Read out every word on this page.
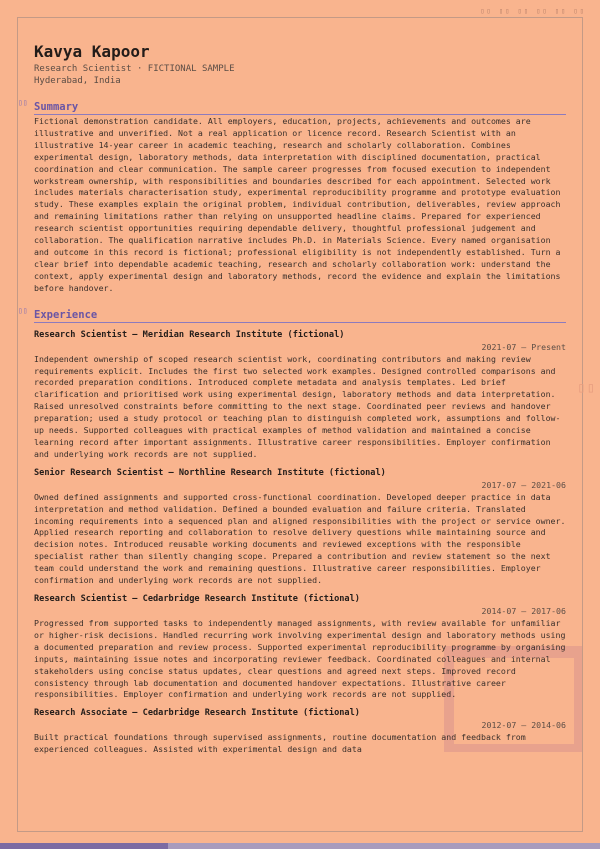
▯▯ ▯▯ ▯▯ ▯▯ ▯▯ ▯▯
▯▯
Kavya Kapoor
Research Scientist · FICTIONAL SAMPLE
Hyderabad, India
▯▯ Summary

Fictional demonstration candidate. All employers, education, projects, achievements and outcomes are illustrative and unverified. Not a real application or licence record. Research Scientist with an illustrative 14-year career in academic teaching, research and scholarly collaboration. Combines experimental design, laboratory methods, data interpretation with disciplined documentation, practical coordination and clear communication. The sample career progresses from focused execution to independent workstream ownership, with responsibilities and boundaries described for each appointment. Selected work includes materials characterisation study, experimental reproducibility programme and prototype evaluation study. These examples explain the original problem, individual contribution, deliverables, review approach and remaining limitations rather than relying on unsupported headline claims. Prepared for experienced research scientist opportunities requiring dependable delivery, thoughtful professional judgement and collaboration. The qualification narrative includes Ph.D. in Materials Science. Every named organisation and outcome in this record is fictional; professional eligibility is not independently established. Turn a clear brief into dependable academic teaching, research and scholarly collaboration work: understand the context, apply experimental design and laboratory methods, record the evidence and explain the limitations before handover.

▯▯ Experience
Research Scientist — Meridian Research Institute (fictional)
2021-07 – Present

Independent ownership of scoped research scientist work, coordinating contributors and making review requirements explicit. Includes the first two selected work examples. Designed controlled comparisons and recorded preparation conditions. Introduced complete metadata and analysis templates. Led brief clarification and prioritised work using experimental design, laboratory methods and data interpretation. Raised unresolved constraints before committing to the next stage. Coordinated peer reviews and handover preparation; used a study protocol or teaching plan to distinguish completed work, assumptions and follow-up needs. Supported colleagues with practical examples of method validation and maintained a concise learning record after important assignments. Illustrative career responsibilities. Employer confirmation and underlying work records are not supplied.

Senior Research Scientist — Northline Research Institute (fictional)
2017-07 – 2021-06

Owned defined assignments and supported cross-functional coordination. Developed deeper practice in data interpretation and method validation. Defined a bounded evaluation and failure criteria. Translated incoming requirements into a sequenced plan and aligned responsibilities with the project or service owner. Applied research reporting and collaboration to resolve delivery questions while maintaining source and decision notes. Introduced reusable working documents and reviewed exceptions with the responsible specialist rather than silently changing scope. Prepared a contribution and review statement so the next team could understand the work and remaining questions. Illustrative career responsibilities. Employer confirmation and underlying work records are not supplied.

Research Scientist — Cedarbridge Research Institute (fictional)
2014-07 – 2017-06

Progressed from supported tasks to independently managed assignments, with review available for unfamiliar or higher-risk decisions. Handled recurring work involving experimental design and laboratory methods using a documented preparation and review process. Supported experimental reproducibility programme by organising inputs, maintaining issue notes and incorporating reviewer feedback. Coordinated colleagues and internal stakeholders using concise status updates, clear questions and agreed next steps. Improved record consistency through lab documentation and documented handover expectations. Illustrative career responsibilities. Employer confirmation and underlying work records are not supplied.

Research Associate — Cedarbridge Research Institute (fictional)
2012-07 – 2014-06

Built practical foundations through supervised assignments, routine documentation and feedback from experienced colleagues. Assisted with experimental design and data
